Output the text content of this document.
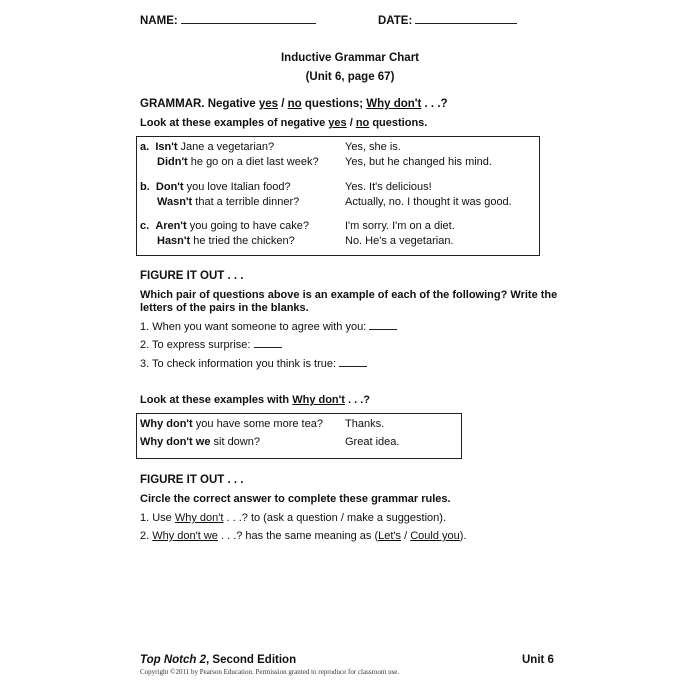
NAME:	DATE:
Inductive Grammar Chart
(Unit 6, page 67)
GRAMMAR. Negative yes / no questions; Why don't . . .?
Look at these examples of negative yes / no questions.
a. Isn't Jane a vegetarian?
Didn't he go on a diet last week?
Yes, she is.
Yes, but he changed his mind.
b. Don't you love Italian food?
Wasn't that a terrible dinner?
Yes. It's delicious!
Actually, no. I thought it was good.
c. Aren't you going to have cake?
Hasn't he tried the chicken?
I'm sorry. I'm on a diet.
No. He's a vegetarian.
FIGURE IT OUT . . .
Which pair of questions above is an example of each of the following? Write the
letters of the pairs in the blanks.
1. When you want someone to agree with you:
2. To express surprise:
3. To check information you think is true:
Look at these examples with Why don't . . .?
Why don't you have some more tea? Thanks.
Why don't we sit down?	Great idea.
FIGURE IT OUT . . .
Circle the correct answer to complete these grammar rules.
1. Use Why don't . . .? to (ask a question / make a suggestion).
2. Why don't we . . .? has the same meaning as (Let's / Could you).
Top Notch 2, Second Edition
Copyright ©2011 by Pearson Education. Permission granted to reproduce for classroom use.
Unit 6
